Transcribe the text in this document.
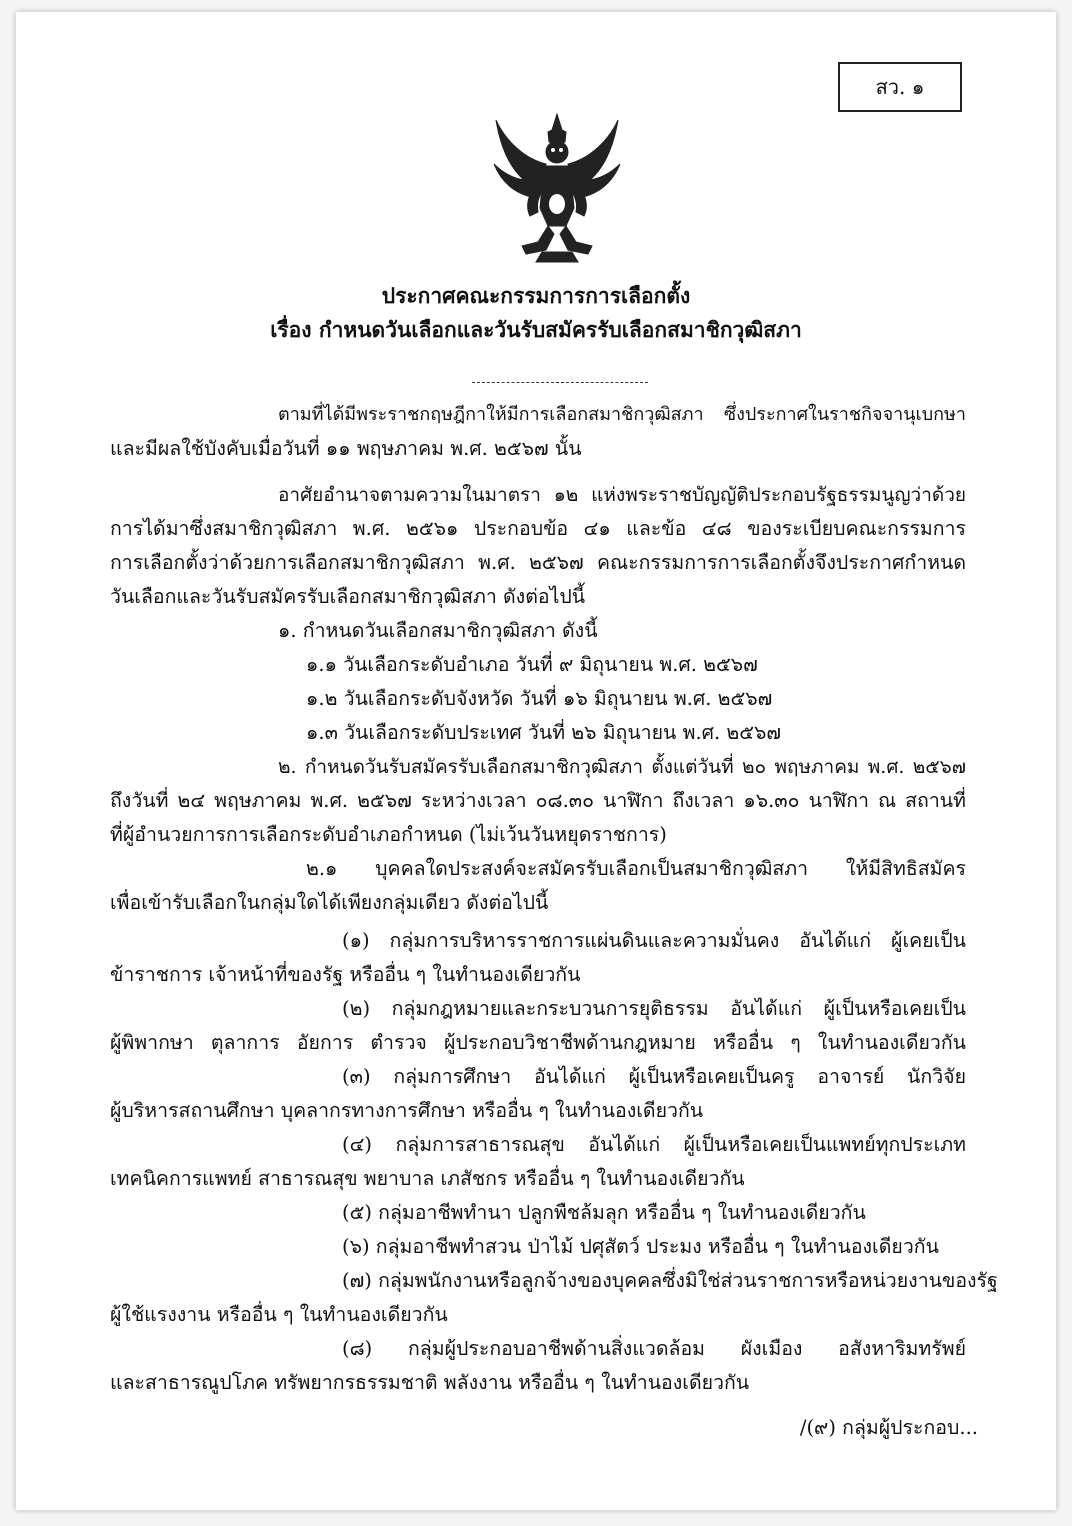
สว. ๑
ประกาศคณะกรรมการการเลือกตั้ง
เรื่อง กำหนดวันเลือกและวันรับสมัครรับเลือกสมาชิกวุฒิสภา
ตามที่ได้มีพระราชกฤษฎีกาให้มีการเลือกสมาชิกวุฒิสภา ซึ่งประกาศในราชกิจจานุเบกษา
และมีผลใช้บังคับเมื่อวันที่ ๑๑ พฤษภาคม พ.ศ. ๒๕๖๗ นั้น
อาศัยอำนาจตามความในมาตรา ๑๒ แห่งพระราชบัญญัติประกอบรัฐธรรมนูญว่าด้วย
การได้มาซึ่งสมาชิกวุฒิสภา พ.ศ. ๒๕๖๑ ประกอบข้อ ๔๑ และข้อ ๔๘ ของระเบียบคณะกรรมการ
การเลือกตั้งว่าด้วยการเลือกสมาชิกวุฒิสภา พ.ศ. ๒๕๖๗ คณะกรรมการการเลือกตั้งจึงประกาศกำหนด
วันเลือกและวันรับสมัครรับเลือกสมาชิกวุฒิสภา ดังต่อไปนี้
๑. กำหนดวันเลือกสมาชิกวุฒิสภา ดังนี้
๑.๑ วันเลือกระดับอำเภอ วันที่ ๙ มิถุนายน พ.ศ. ๒๕๖๗
๑.๒ วันเลือกระดับจังหวัด วันที่ ๑๖ มิถุนายน พ.ศ. ๒๕๖๗
๑.๓ วันเลือกระดับประเทศ วันที่ ๒๖ มิถุนายน พ.ศ. ๒๕๖๗
๒. กำหนดวันรับสมัครรับเลือกสมาชิกวุฒิสภา ตั้งแต่วันที่ ๒๐ พฤษภาคม พ.ศ. ๒๕๖๗
ถึงวันที่ ๒๔ พฤษภาคม พ.ศ. ๒๕๖๗ ระหว่างเวลา ๐๘.๓๐ นาฬิกา ถึงเวลา ๑๖.๓๐ นาฬิกา ณ สถานที่
ที่ผู้อำนวยการการเลือกระดับอำเภอกำหนด (ไม่เว้นวันหยุดราชการ)
๒.๑ บุคคลใดประสงค์จะสมัครรับเลือกเป็นสมาชิกวุฒิสภา ให้มีสิทธิสมัคร
เพื่อเข้ารับเลือกในกลุ่มใดได้เพียงกลุ่มเดียว ดังต่อไปนี้
(๑) กลุ่มการบริหารราชการแผ่นดินและความมั่นคง อันได้แก่ ผู้เคยเป็น
ข้าราชการ เจ้าหน้าที่ของรัฐ หรืออื่น ๆ ในทำนองเดียวกัน
(๒) กลุ่มกฎหมายและกระบวนการยุติธรรม อันได้แก่ ผู้เป็นหรือเคยเป็น
ผู้พิพากษา ตุลาการ อัยการ ตำรวจ ผู้ประกอบวิชาชีพด้านกฎหมาย หรืออื่น ๆ ในทำนองเดียวกัน
(๓) กลุ่มการศึกษา อันได้แก่ ผู้เป็นหรือเคยเป็นครู อาจารย์ นักวิจัย
ผู้บริหารสถานศึกษา บุคลากรทางการศึกษา หรืออื่น ๆ ในทำนองเดียวกัน
(๔) กลุ่มการสาธารณสุข อันได้แก่ ผู้เป็นหรือเคยเป็นแพทย์ทุกประเภท
เทคนิคการแพทย์ สาธารณสุข พยาบาล เภสัชกร หรืออื่น ๆ ในทำนองเดียวกัน
(๕) กลุ่มอาชีพทำนา ปลูกพืชล้มลุก หรืออื่น ๆ ในทำนองเดียวกัน
(๖) กลุ่มอาชีพทำสวน ป่าไม้ ปศุสัตว์ ประมง หรืออื่น ๆ ในทำนองเดียวกัน
(๗) กลุ่มพนักงานหรือลูกจ้างของบุคคลซึ่งมิใช่ส่วนราชการหรือหน่วยงานของรัฐ
ผู้ใช้แรงงาน หรืออื่น ๆ ในทำนองเดียวกัน
(๘) กลุ่มผู้ประกอบอาชีพด้านสิ่งแวดล้อม ผังเมือง อสังหาริมทรัพย์
และสาธารณูปโภค ทรัพยากรธรรมชาติ พลังงาน หรืออื่น ๆ ในทำนองเดียวกัน
/(๙) กลุ่มผู้ประกอบ...
